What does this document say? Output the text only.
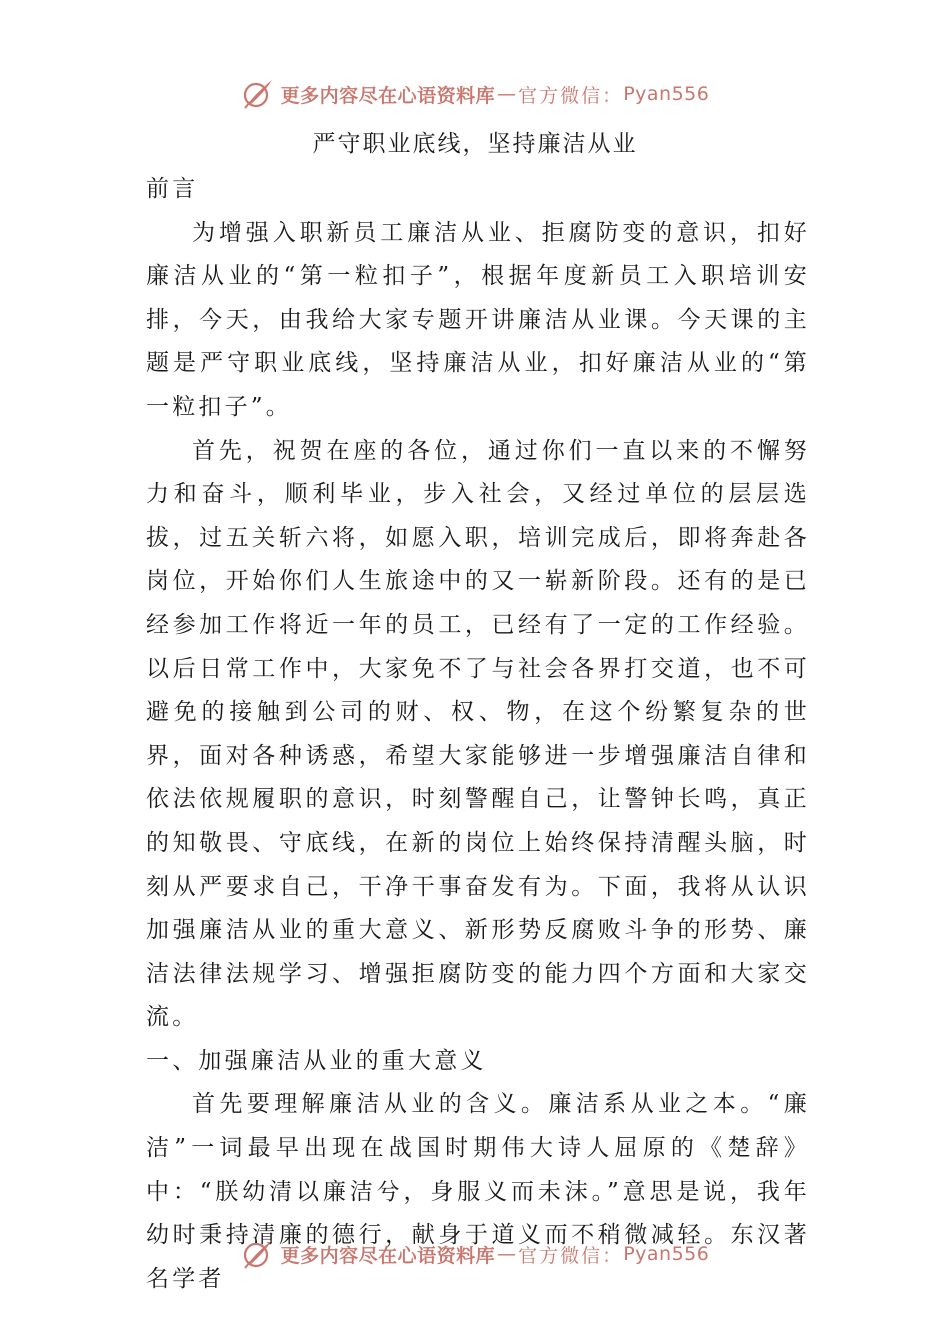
更多内容尽在心语资料库 — 官方微信： Pyan556
严守职业底线，坚持廉洁从业

前言

为增强入职新员工廉洁从业、拒腐防变的意识，扣好廉洁从业的“第一粒扣子”，根据年度新员工入职培训安排，今天，由我给大家专题开讲廉洁从业课。今天课的主题是严守职业底线，坚持廉洁从业，扣好廉洁从业的“第一粒扣子”。

首先，祝贺在座的各位，通过你们一直以来的不懈努力和奋斗，顺利毕业，步入社会，又经过单位的层层选拔，过五关斩六将，如愿入职，培训完成后，即将奔赴各岗位，开始你们人生旅途中的又一崭新阶段。还有的是已经参加工作将近一年的员工，已经有了一定的工作经验。以后日常工作中，大家免不了与社会各界打交道，也不可避免的接触到公司的财、权、物，在这个纷繁复杂的世界，面对各种诱惑，希望大家能够进一步增强廉洁自律和依法依规履职的意识，时刻警醒自己，让警钟长鸣，真正的知敬畏、守底线，在新的岗位上始终保持清醒头脑，时刻从严要求自己，干净干事奋发有为。下面，我将从认识加强廉洁从业的重大意义、新形势反腐败斗争的形势、廉洁法律法规学习、增强拒腐防变的能力四个方面和大家交流。

一、加强廉洁从业的重大意义

首先要理解廉洁从业的含义。廉洁系从业之本。“廉洁”一词最早出现在战国时期伟大诗人屈原的《楚辞》中：“朕幼清以廉洁兮，身服义而未沫。”意思是说，我年幼时秉持清廉的德行，献身于道义而不稍微减轻。东汉著名学者

更多内容尽在心语资料库 — 官方微信： Pyan556
